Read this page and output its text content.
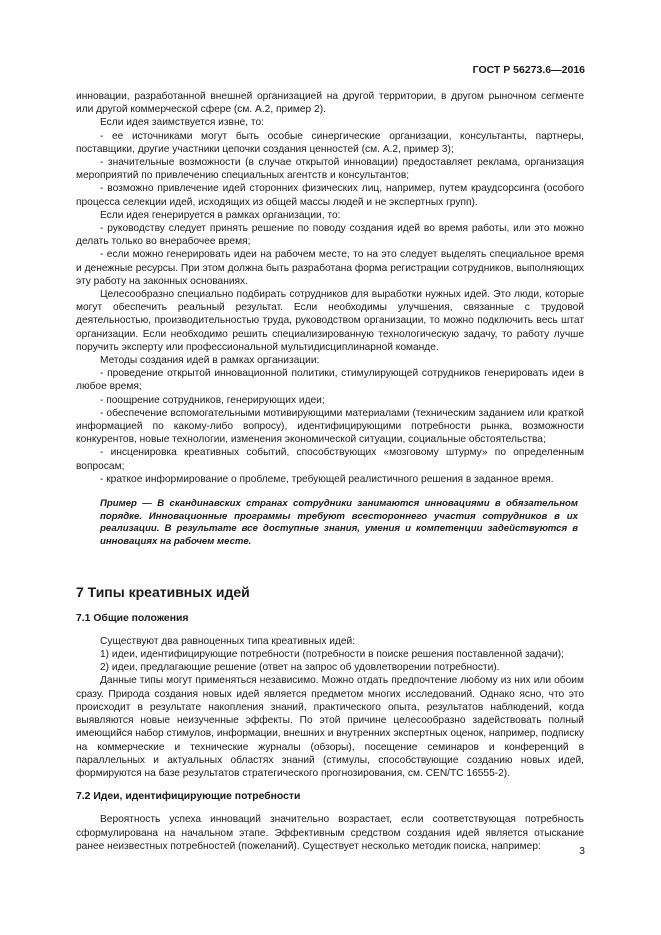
ГОСТ Р 56273.6—2016

инновации, разработанной внешней организацией на другой территории, в другом рыночном сегменте или другой коммерческой сфере (см. А.2, пример 2).

Если идея заимствуется извне, то:

- ее источниками могут быть особые синергические организации, консультанты, партнеры, поставщики, другие участники цепочки создания ценностей (см. А.2, пример 3);

- значительные возможности (в случае открытой инновации) предоставляет реклама, организация мероприятий по привлечению специальных агентств и консультантов;

- возможно привлечение идей сторонних физических лиц, например, путем краудсорсинга (особого процесса селекции идей, исходящих из общей массы людей и не экспертных групп).

Если идея генерируется в рамках организации, то:

- руководству следует принять решение по поводу создания идей во время работы, или это можно делать только во внерабочее время;

- если можно генерировать идеи на рабочем месте, то на это следует выделять специальное время и денежные ресурсы. При этом должна быть разработана форма регистрации сотрудников, выполняющих эту работу на законных основаниях.

Целесообразно специально подбирать сотрудников для выработки нужных идей. Это люди, которые могут обеспечить реальный результат. Если необходимы улучшения, связанные с трудовой деятельностью, производительностью труда, руководством организации, то можно подключить весь штат организации. Если необходимо решить специализированную технологическую задачу, то работу лучше поручить эксперту или профессиональной мультидисциплинарной команде.

Методы создания идей в рамках организации:

- проведение открытой инновационной политики, стимулирующей сотрудников генерировать идеи в любое время;

- поощрение сотрудников, генерирующих идеи;

- обеспечение вспомогательными мотивирующими материалами (техническим заданием или краткой информацией по какому-либо вопросу), идентифицирующими потребности рынка, возможности конкурентов, новые технологии, изменения экономической ситуации, социальные обстоятельства;

- инсценировка креативных событий, способствующих «мозговому штурму» по определенным вопросам;

- краткое информирование о проблеме, требующей реалистичного решения в заданное время.

Пример — В скандинавских странах сотрудники занимаются инновациями в обязательном порядке. Инновационные программы требуют всестороннего участия сотрудников в их реализации. В результате все доступные знания, умения и компетенции задействуются в инновациях на рабочем месте.

7 Типы креативных идей

7.1 Общие положения

Существуют два равноценных типа креативных идей:

1) идеи, идентифицирующие потребности (потребности в поиске решения поставленной задачи);

2) идеи, предлагающие решение (ответ на запрос об удовлетворении потребности).

Данные типы могут применяться независимо. Можно отдать предпочтение любому из них или обоим сразу. Природа создания новых идей является предметом многих исследований. Однако ясно, что это происходит в результате накопления знаний, практического опыта, результатов наблюдений, когда выявляются новые неизученные эффекты. По этой причине целесообразно задействовать полный имеющийся набор стимулов, информации, внешних и внутренних экспертных оценок, например, подписку на коммерческие и технические журналы (обзоры), посещение семинаров и конференций в параллельных и актуальных областях знаний (стимулы, способствующие созданию новых идей, формируются на базе результатов стратегического прогнозирования, см. CEN/TC 16555-2).

7.2 Идеи, идентифицирующие потребности

Вероятность успеха инноваций значительно возрастает, если соответствующая потребность сформулирована на начальном этапе. Эффективным средством создания идей является отыскание ранее неизвестных потребностей (пожеланий). Существует несколько методик поиска, например:	3
